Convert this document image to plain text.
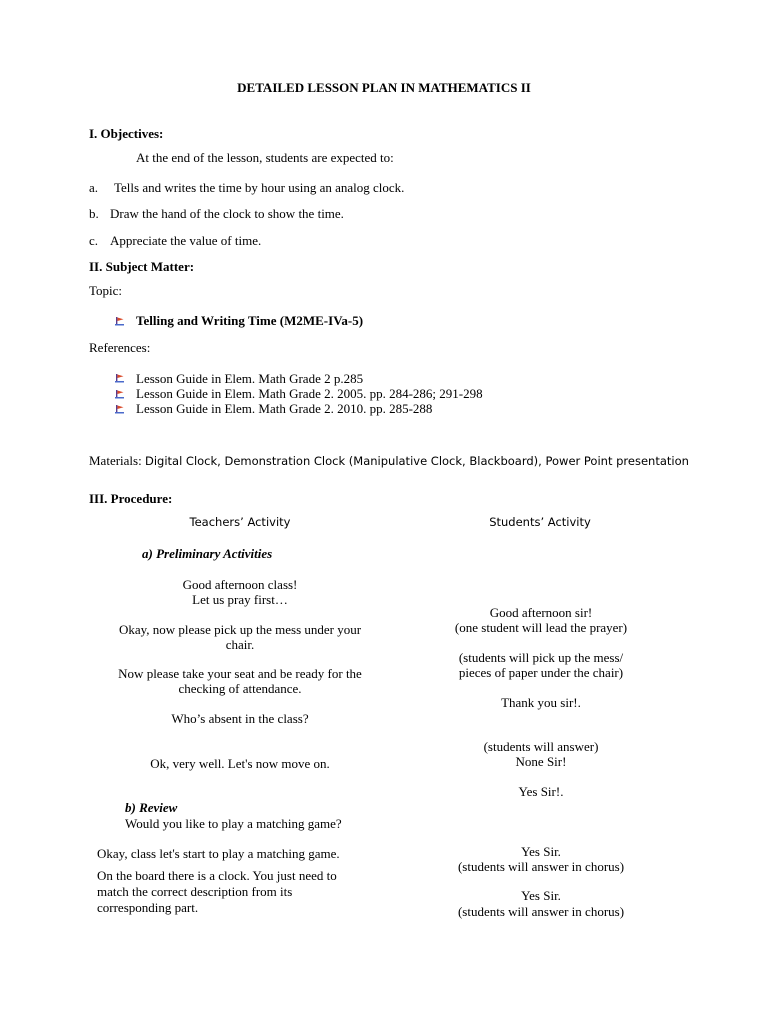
DETAILED LESSON PLAN IN MATHEMATICS II
I. Objectives:
At the end of the lesson, students are expected to:
a. Tells and writes the time by hour using an analog clock.
b. Draw the hand of the clock to show the time.
c. Appreciate the value of time.
II. Subject Matter:
Topic:
Telling and Writing Time (M2ME-IVa-5)
References:
Lesson Guide in Elem. Math Grade 2 p.285
Lesson Guide in Elem. Math Grade 2. 2005. pp. 284-286; 291-298
Lesson Guide in Elem. Math Grade 2. 2010. pp. 285-288
Materials: Digital Clock, Demonstration Clock (Manipulative Clock, Blackboard), Power Point presentation
III. Procedure:
Teachers’ Activity	Students’ Activity
a) Preliminary Activities
Good afternoon class!
Let us pray first…
Okay, now please pick up the mess under your
chair.
Now please take your seat and be ready for the
checking of attendance.
Who’s absent in the class?
Ok, very well. Let's now move on.
b) Review
Would you like to play a matching game?
Okay, class let's start to play a matching game.
On the board there is a clock. You just need to
match the correct description from its
corresponding part.
Good afternoon sir!
(one student will lead the prayer)
(students will pick up the mess/
pieces of paper under the chair)
Thank you sir!.
(students will answer)
None Sir!
Yes Sir!.
Yes Sir.
(students will answer in chorus)
Yes Sir.
(students will answer in chorus)
